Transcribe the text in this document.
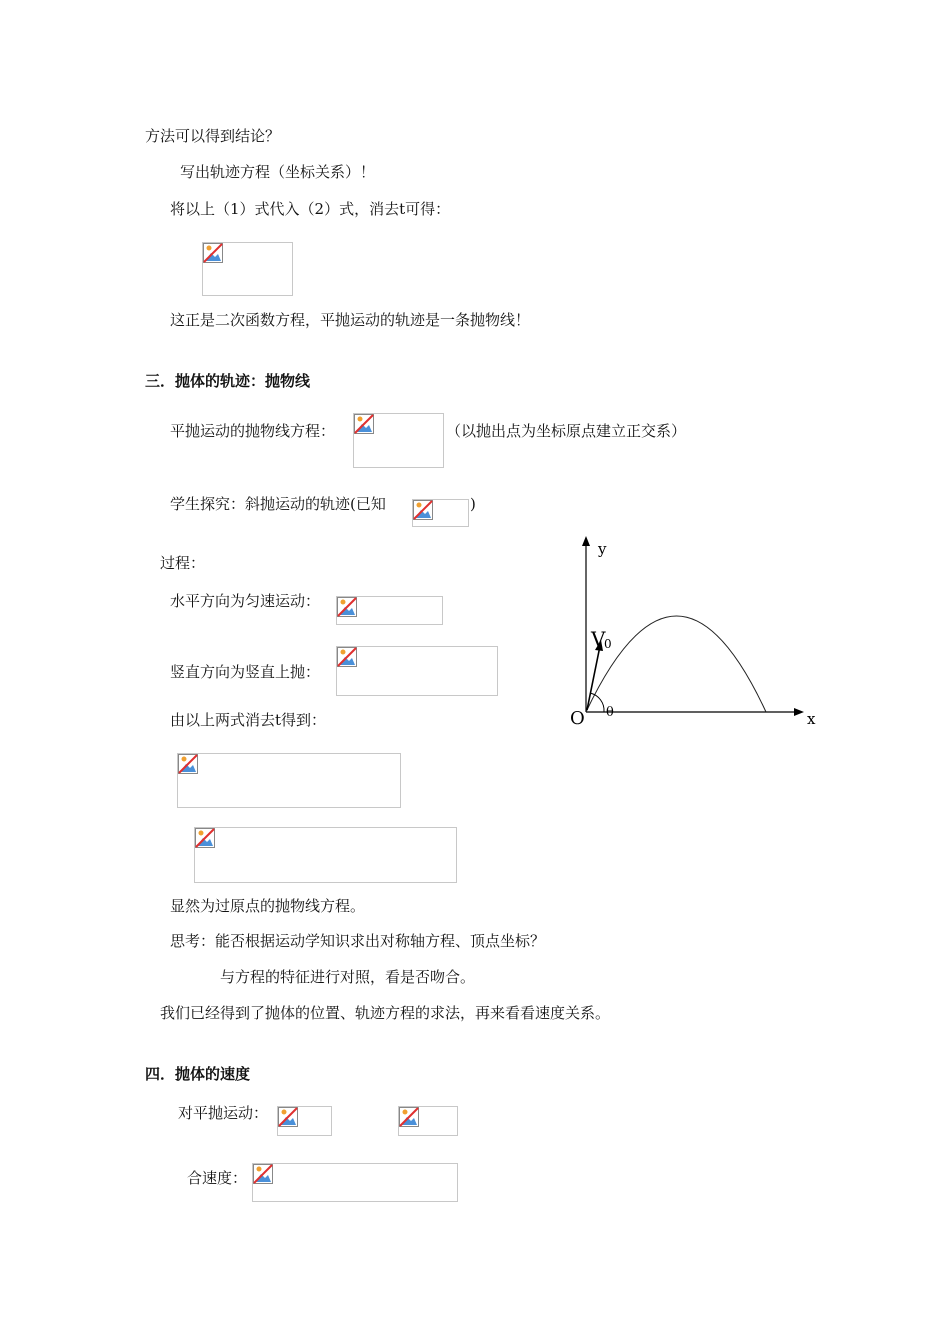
方法可以得到结论？
写出轨迹方程（坐标关系）！
将以上（1）式代入（2）式，消去t可得：
这正是二次函数方程，平抛运动的轨迹是一条抛物线！
三．抛体的轨迹：抛物线
平抛运动的抛物线方程：	（以抛出点为坐标原点建立正交系）
学生探究：斜抛运动的轨迹(已知	)
过程：
水平方向为匀速运动：
竖直方向为竖直上抛：
由以上两式消去t得到：
显然为过原点的抛物线方程。
思考：能否根据运动学知识求出对称轴方程、顶点坐标？
与方程的特征进行对照，看是否吻合。
我们已经得到了抛体的位置、轨迹方程的求法，再来看看速度关系。
四．抛体的速度
对平抛运动：
合速度：
y
x
O
V
0
θ
